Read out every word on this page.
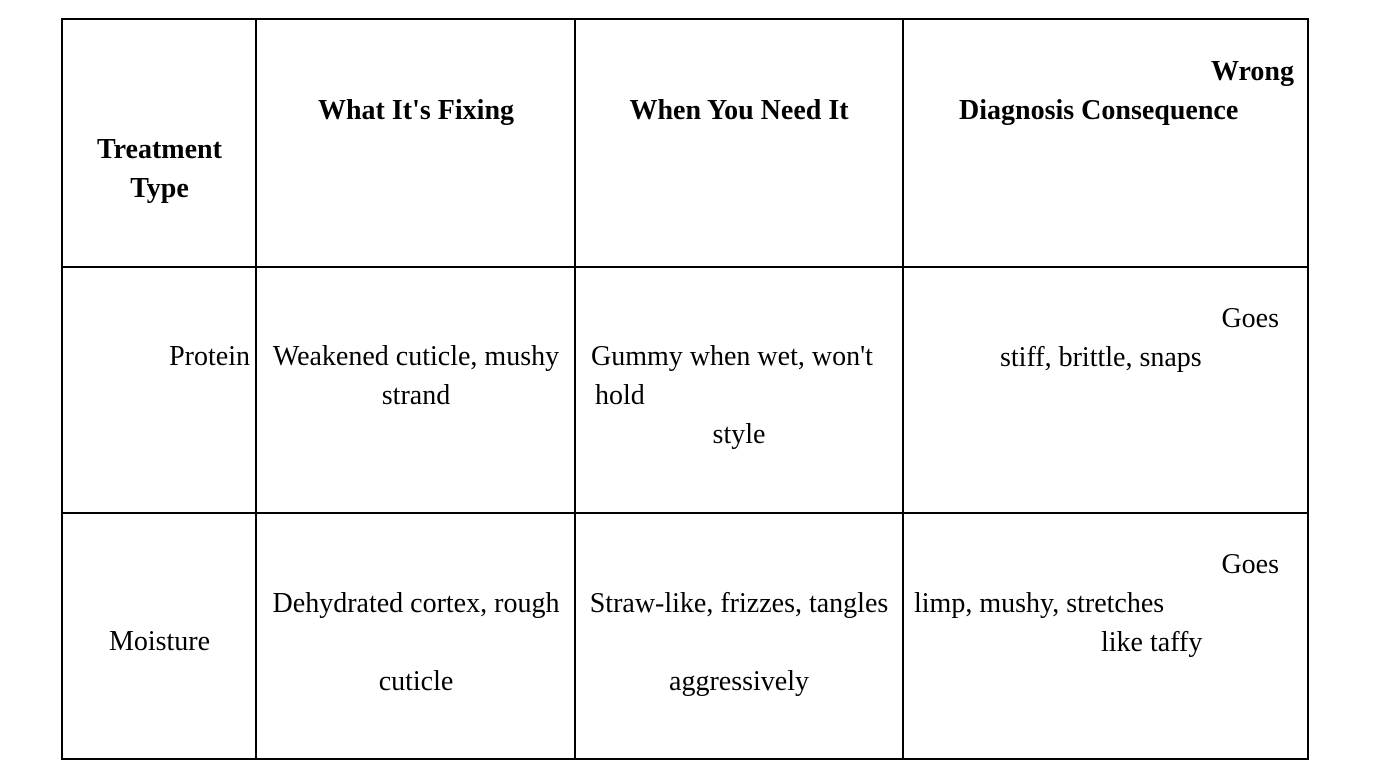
Treatment
Type
What It's Fixing	When You Need It
Wrong
Diagnosis Consequence
Protein Weakened cuticle, mushy
strand
Gummy when wet, won't
hold
style
Goes
stiff, brittle, snaps
Moisture
Dehydrated cortex, rough
cuticle
Straw-like, frizzes, tangles
aggressively
Goes
limp, mushy, stretches
like taffy
